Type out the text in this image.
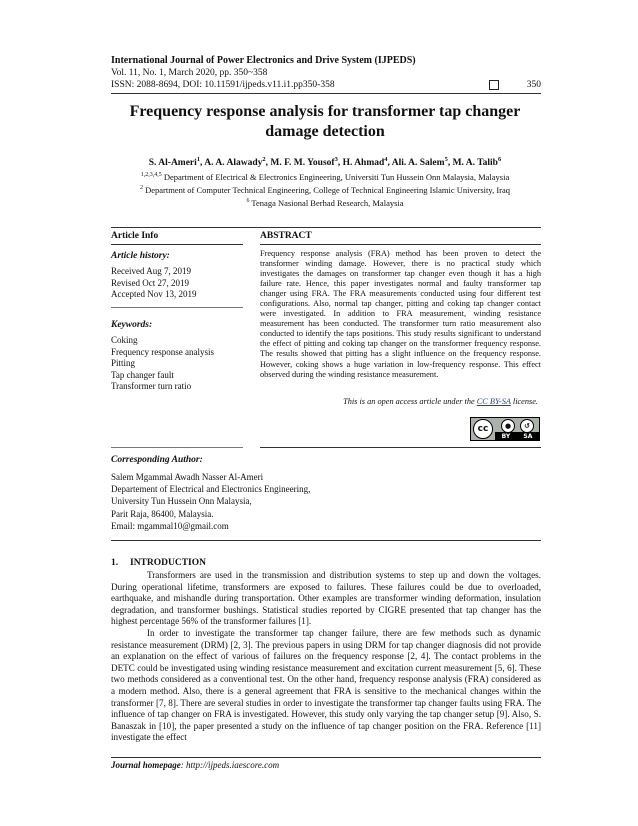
International Journal of Power Electronics and Drive System (IJPEDS)
Vol. 11, No. 1, March 2020, pp. 350~358
ISSN: 2088-8694, DOI: 10.11591/ijpeds.v11.i1.pp350-358	350
Frequency response analysis for transformer tap changer
damage detection
S. Al-Ameri$^1$, A. A. Alawady$^2$, M. F. M. Yousof$^3$, H. Ahmad$^4$, Ali. A. Salem$^5$, M. A. Talib$^6$
$^{1,2,3,4,5}$ Department of Electrical & Electronics Engineering, Universiti Tun Hussein Onn Malaysia, Malaysia
$^2$ Department of Computer Technical Engineering, College of Technical Engineering Islamic University, Iraq
$^6$ Tenaga Nasional Berhad Research, Malaysia
Article Info
Article history:
Received Aug 7, 2019
Revised Oct 27, 2019
Accepted Nov 13, 2019
Keywords:
Coking
Frequency response analysis
Pitting
Tap changer fault
Transformer turn ratio
ABSTRACT
Frequency response analysis (FRA) method has been proven to detect the transformer winding damage. However, there is no practical study which investigates the damages on transformer tap changer even though it has a high failure rate. Hence, this paper investigates normal and faulty transformer tap changer using FRA. The FRA measurements conducted using four different test configurations. Also, normal tap changer, pitting and coking tap changer contact were investigated. In addition to FRA measurement, winding resistance measurement has been conducted. The transformer turn ratio measurement also conducted to identify the taps positions. This study results significant to understand the effect of pitting and coking tap changer on the transformer frequency response. The results showed that pitting has a slight influence on the frequency response. However, coking shows a huge variation in low-frequency response. This effect observed during the winding resistance measurement.
This is an open access article under the CC BY-SA license.
cc	●	↺
BY SA
Corresponding Author:
Salem Mgammal Awadh Nasser Al-Ameri
Departement of Electrical and Electronics Engineering,
University Tun Hussein Onn Malaysia,
Parit Raja, 86400, Malaysia.
Email: mgammal10@gmail.com
1.     INTRODUCTION

Transformers are used in the transmission and distribution systems to step up and down the voltages. During operational lifetime, transformers are exposed to failures. These failures could be due to overloaded, earthquake, and mishandle during transportation. Other examples are transformer winding deformation, insulation degradation, and transformer bushings. Statistical studies reported by CIGRE presented that tap changer has the highest percentage 56% of the transformer failures [1].

In order to investigate the transformer tap changer failure, there are few methods such as dynamic resistance measurement (DRM) [2, 3]. The previous papers in using DRM for tap changer diagnosis did not provide an explanation on the effect of various of failures on the frequency response [2, 4]. The contact problems in the DETC could be investigated using winding resistance measurement and excitation current measurement [5, 6]. These two methods considered as a conventional test. On the other hand, frequency response analysis (FRA) considered as a modern method. Also, there is a general agreement that FRA is sensitive to the mechanical changes within the transformer [7, 8]. There are several studies in order to investigate the transformer tap changer faults using FRA. The influence of tap changer on FRA is investigated. However, this study only varying the tap changer setup [9]. Also, S. Banaszak in [10], the paper presented a study on the influence of tap changer position on the FRA. Reference [11] investigate the effect

Journal homepage: http://ijpeds.iaescore.com
